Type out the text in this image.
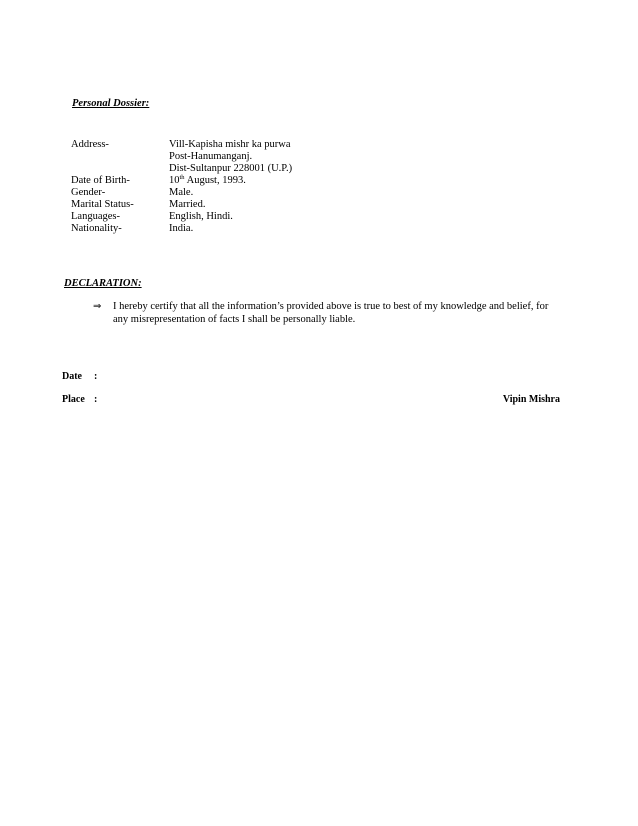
Personal Dossier:
Address-	Vill-Kapisha mishr ka purwa
Post-Hanumanganj.
Dist-Sultanpur 228001 (U.P.)
Date of Birth-	10th August, 1993.
Gender-	Male.
Marital Status-	Married.
Languages-	English, Hindi.
Nationality-	India.
DECLARATION:
⇒ I hereby certify that all the information’s provided above is true to best of my knowledge and belief, for any misrepresentation of facts I shall be personally liable.
Date :
Place :	Vipin Mishra
